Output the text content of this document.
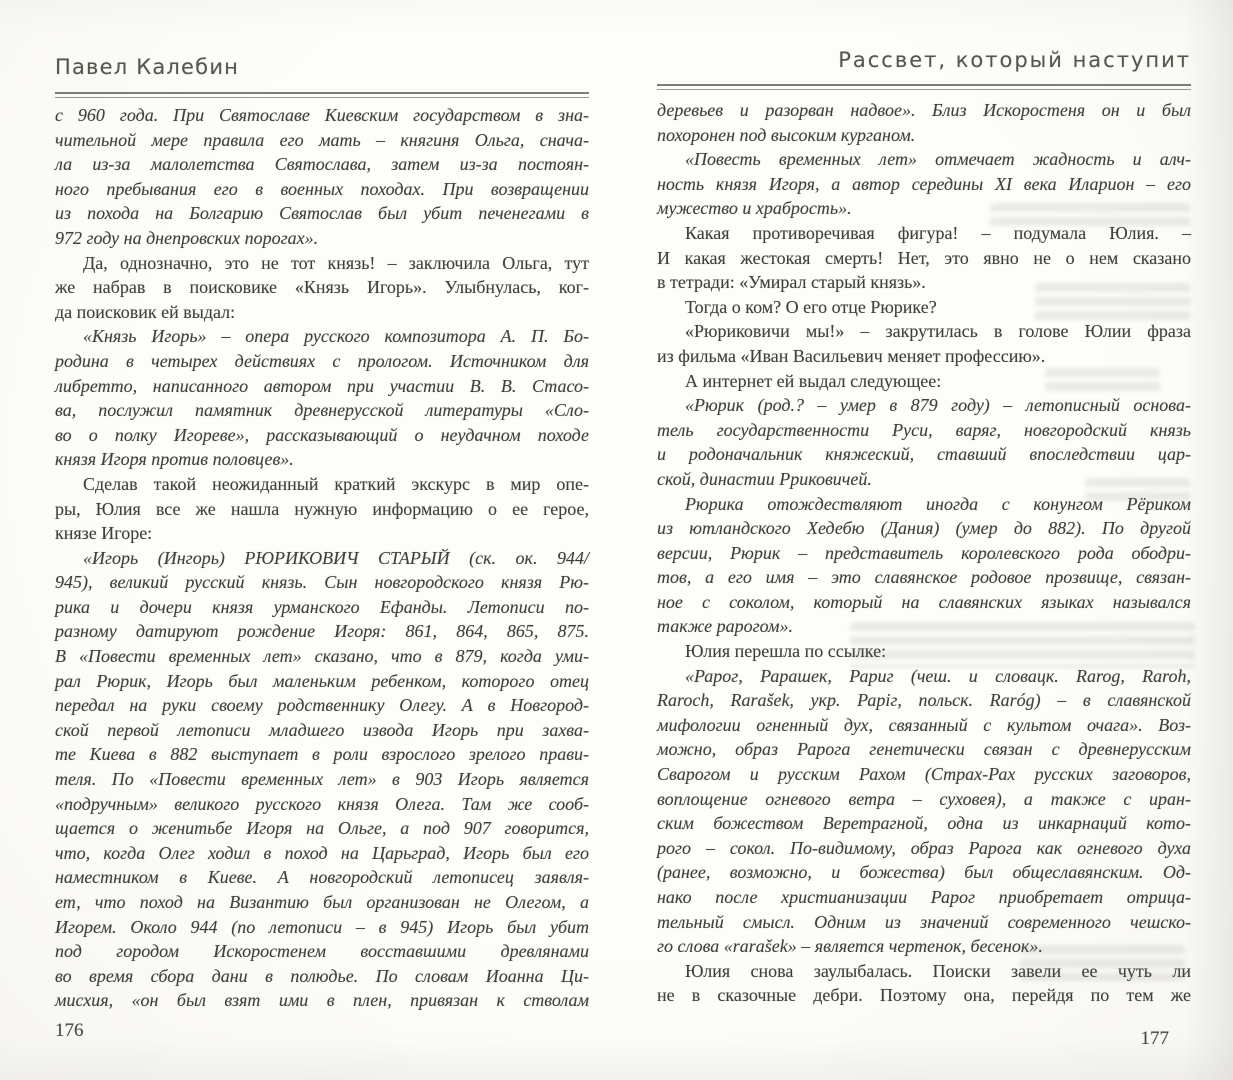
Павел Калебин
с 960 года. При Святославе Киевским государством в зна-
чительной мере правила его мать – княгиня Ольга, снача-
ла из-за малолетства Святослава, затем из-за постоян-
ного пребывания его в военных походах. При возвращении
из похода на Болгарию Святослав был убит печенегами в
972 году на днепровских порогах».
Да, однозначно, это не тот князь! – заключила Ольга, тут
же набрав в поисковике «Князь Игорь». Улыбнулась, ког-
да поисковик ей выдал:
«Князь Игорь» – опера русского композитора А. П. Бо-
родина в четырех действиях с прологом. Источником для
либретто, написанного автором при участии В. В. Стасо-
ва, послужил памятник древнерусской литературы «Сло-
во о полку Игореве», рассказывающий о неудачном походе
князя Игоря против половцев».
Сделав такой неожиданный краткий экскурс в мир опе-
ры, Юлия все же нашла нужную информацию о ее герое,
князе Игоре:
«Игорь (Ингорь) РЮРИКОВИЧ СТАРЫЙ (ск. ок. 944/
945), великий русский князь. Сын новгородского князя Рю-
рика и дочери князя урманского Ефанды. Летописи по-
разному датируют рождение Игоря: 861, 864, 865, 875.
В «Повести временных лет» сказано, что в 879, когда уми-
рал Рюрик, Игорь был маленьким ребенком, которого отец
передал на руки своему родственнику Олегу. А в Новгород-
ской первой летописи младшего извода Игорь при захва-
те Киева в 882 выступает в роли взрослого зрелого прави-
теля. По «Повести временных лет» в 903 Игорь является
«подручным» великого русского князя Олега. Там же сооб-
щается о женитьбе Игоря на Ольге, а под 907 говорится,
что, когда Олег ходил в поход на Царьград, Игорь был его
наместником в Киеве. А новгородский летописец заявля-
ет, что поход на Византию был организован не Олегом, а
Игорем. Около 944 (по летописи – в 945) Игорь был убит
под городом Искоростенем восставшими древлянами
во время сбора дани в полюдье. По словам Иоанна Ци-
мисхия, «он был взят ими в плен, привязан к стволам
176
Рассвет, который наступит
деревьев и разорван надвое». Близ Искоростеня он и был
похоронен под высоким курганом.
«Повесть временных лет» отмечает жадность и алч-
ность князя Игоря, а автор середины XI века Иларион – его
мужество и храбрость».
Какая противоречивая фигура! – подумала Юлия. –
И какая жестокая смерть! Нет, это явно не о нем сказано
в тетради: «Умирал старый князь».
Тогда о ком? О его отце Рюрике?
«Рюриковичи мы!» – закрутилась в голове Юлии фраза
из фильма «Иван Васильевич меняет профессию».
А интернет ей выдал следующее:
«Рюрик (род.? – умер в 879 году) – летописный основа-
тель государственности Руси, варяг, новгородский князь
и родоначальник княжеский, ставший впоследствии цар-
ской, династии Рриковичей.
Рюрика отождествляют иногда с конунгом Рёриком
из ютландского Хедебю (Дания) (умер до 882). По другой
версии, Рюрик – представитель королевского рода ободри-
тов, а его имя – это славянское родовое прозвище, связан-
ное с соколом, который на славянских языках назывался
также рарогом».
Юлия перешла по ссылке:
«Рарог, Рарашек, Рариг (чеш. и словацк. Rarog, Raroh,
Raroch, Rarašek, укр. Раріг, польск. Raróg) – в славянской
мифологии огненный дух, связанный с культом очага». Воз-
можно, образ Рарога генетически связан с древнерусским
Сварогом и русским Рахом (Страх-Рах русских заговоров,
воплощение огневого ветра – суховея), а также с иран-
ским божеством Веретрагной, одна из инкарнаций кото-
рого – сокол. По-видимому, образ Рарога как огневого духа
(ранее, возможно, и божества) был общеславянским. Од-
нако после христианизации Рарог приобретает отрица-
тельный смысл. Одним из значений современного чешско-
го слова «rarašek» – является чертенок, бесенок».
Юлия снова заулыбалась. Поиски завели ее чуть ли
не в сказочные дебри. Поэтому она, перейдя по тем же
177
